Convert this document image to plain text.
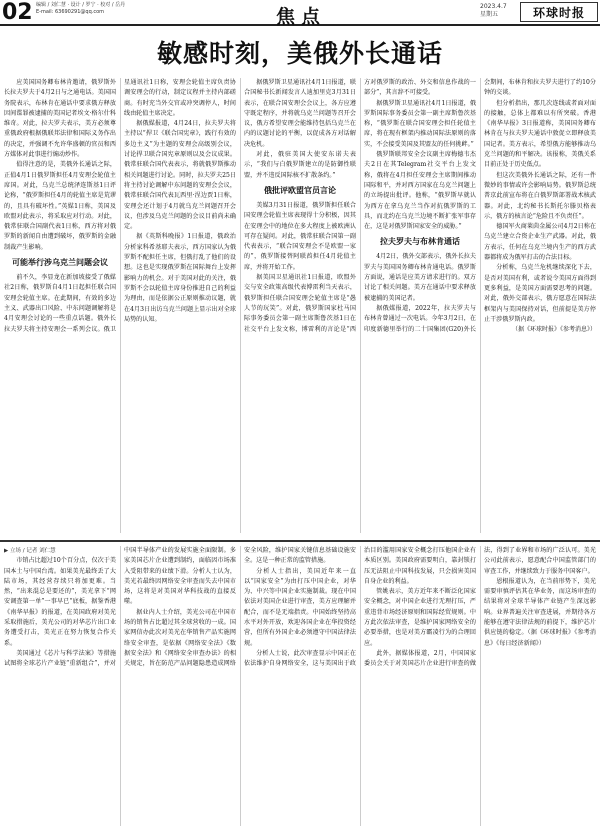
02 编辑 / 刘仁慧 · 设计 / 罗宁 · 校对 / 岳丹
E-mail: 63690291@qq.com	焦点	2023.4.7
星期五	环球时报
敏感时刻，美俄外长通话

应美国国务卿布林肯邀请，俄罗斯外长拉夫罗夫于4月2日与之通电话。美国国务院表示，布林肯在通话中要求俄方释放因间谍罪被逮捕的美国记者埃文·格尔什科维奇。对此，拉夫罗夫表示，美方必须尊重俄政府根据俄联邦法律和国际义务作出的决定，并强调不允许华盛顿的官员和西方媒体对此事进行煽动炒作。

值得注意的是，美俄外长通话之际，正值4月1日俄罗斯担任4月安理会轮值主席国。对此，乌克兰总统泽连斯基1日评论称，“俄罗斯担任4月的轮值主席是荒谬的，且具有破坏性。”英媒1日称，美国及欧盟对此表示，将采取应对行动。对此，俄常驻联合国副代表1日称，西方将对俄罗斯的新闻自由遭到破坏，俄罗斯的金融制裁产生影响。

可能举行涉乌克兰问题会议

前不久，李显龙在新加坡接受了俄媒社2日称，俄罗斯自4月1日起担任联合国安理会轮值主席。在此期间，有效的多边主义、武器出口风险、中东问题调解将是4月安理会讨论的一些重点话题。俄外长拉夫罗夫将主持安理会一系列会议。俄卫星通讯社1日称，安理会轮值主席负责协调安理会的行动，制定议程并主持内部磋商。有时充当外交官或冲突调停人，时间线由轮值主席决定。

据俄媒报道，4月24日，拉夫罗夫将主持以“捍卫《联合国宪章》，践行有效的多边主义”为主题的安理会高级别会议，讨论捍卫联合国宪章原则以及会议成果。俄常驻联合国代表表示，将就俄罗斯推动相关问题进行讨论。同时，拉夫罗夫25日将主持讨论调解中东问题的安理会会议，俄常驻联合国代表瓦西里·涅边贾1日称，安理会还计划于4月就乌克兰问题召开会议，但涉及乌克兰问题的会议目前尚未确定。

据《英斯科晚报》1日报道，俄政治分析家科希基耶夫表示，西方国家认为俄罗斯不配担任主席，但俄打乱了他们的设想。这也是实现俄罗斯在国际舞台上发挥影响力的机会。对于美国对此的关注，俄罗斯不会以轮值主席身份推进自己的利益为理由，而是依据公正原则推动议题，就在4月3日出访乌克兰问题上显示出对全球局势的认知。

据俄罗斯卫星通讯社4月1日报道，联合国秘书长新闻发言人迪加里克3月31日表示，在联合国安理会会议上，各方应遵守既定程序，并将就乌克兰问题等召开会议，俄方希望安理会能维持包括乌克兰在内的议题讨论的平衡，以促成各方对话解决危机。

对此，俄驻美国大使安东诺夫表示，“我们与白俄罗斯建立的是防御性联盟，并不违反国际核不扩散条约。”

俄批评欧盟官员言论

美媒3月31日报道，俄罗斯担任联合国安理会轮值主席表现得十分积极，因其在安理会中的地位在多大程度上被欧洲认可存在疑问。对此，俄常驻联合国第一副代表表示，“联合国安理会不是欧盟一家的”，俄罗斯接替阿联酋担任4月轮值主席，并将开始工作。

据美国卫星通讯社1日报道，欧盟外交与安全政策高级代表博雷利当天表示，俄罗斯担任联合国安理会轮值主席是“愚人节的玩笑”。对此，俄罗斯国家杜马国际事务委员会第一副主席斯鲁茨基1日在社交平台上发文称，博雷利的言论是“西方对俄罗斯的政治、外交和信息作战的一部分”，其言辞不可接受。

据俄罗斯卫星通讯社4月1日报道，俄罗斯国际事务委员会第一副主席斯鲁茨基称，“俄罗斯在联合国安理会担任轮值主席，将在现有框架内推动国际法原则的落实，不会接受美国及其盟友的任何挑衅。”

俄罗斯联邦安全会议副主席梅德韦杰夫2日在其Telegram社交平台上发文称，俄将在4月担任安理会主席期间推动国际和平，并对西方国家在乌克兰问题上的立场提出批评。他称，“俄罗斯早就认为西方在拿乌克兰当作对抗俄罗斯的工具，而北约在乌克兰边境不断扩张军事存在，这是对俄罗斯国家安全的威胁。”

拉夫罗夫与布林肯通话

4月2日，俄外交部表示，俄外长拉夫罗夫与美国国务卿布林肯通电话。俄罗斯方面说，通话是应美方请求进行的。双方讨论了相关问题。美方在通话中要求释放被逮捕的美国记者。

据俄媒报道，2022年，拉夫罗夫与布林肯曾通过一次电话。今年3月2日，在印度新德里举行的二十国集团(G20)外长会期间，布林肯和拉夫罗夫进行了约10分钟的交谈。

但分析指出，那几次连线或者面对面的接触，总体上都难以有所突破。香港《南华早报》3日报道称，美国国务卿布林肯在与拉夫罗夫通话中敦促立即释放美国记者。美方表示，希望俄方能够推动乌克兰问题的和平解决。该报称，美俄关系目前正处于历史低点。

但这次美俄外长通话之际，还有一件微妙的事情或许会影响局势。俄罗斯总统普京此前宣布将在白俄罗斯部署战术核武器。对此，北约秘书长斯托尔滕贝格表示，俄方的核言论“危险且不负责任”。

德国军火商莱茵金属公司4月2日称在乌克兰建立合资企业生产武器。对此，俄方表示，任何在乌克兰境内生产的西方武器都将成为俄军打击的合法目标。

分析称，乌克兰危机继续深化下去，是否对美国有利，或者说令美国方面得到更多利益，是美国方面需要思考的问题。对此，俄外交部表示，俄方愿意在国际法框架内与美国保持对话，但前提是美方停止干涉俄罗斯内政。

（据《环球时报》《参考消息》）
▶ 立场 / 记者 刘仁慧

市销占比超过10个百分点，仅次于美国本土与中国台湾。如果美光最终丢了大陆市场，其经营存续只将加更难。当然，“出来混总是要还的”，美光拿下“网安调查第一单”一事早已“底板，据鉴香港《南华早报》的报道，在美国政府对美光采取措施后，美光公司的对华芯片出口业务遭受打击，美光正在努力恢复合作关系。

美国通过《芯片与科学法案》等措施试图将全球芯片产业链“重新组合”，并对中国半导体产业的发展实施全面限制。多家美国芯片企业遭到制约，面临因市场准入受阻带来的业绩下滑。分析人士认为，美光若最终因网络安全审查而失去中国市场，这将是对美国对华科技战的直接反噬。

据业内人士介绍，美光公司在中国市场的销售占比超过其全球营收的一成。国家网信办此次对美光在华销售产品实施网络安全审查，是依据《网络安全法》《数据安全法》和《网络安全审查办法》的相关规定，旨在防范产品问题隐患造成网络安全风险，维护国家关键信息基础设施安全。这是一种正常的监管措施。

分析人士指出，美国近年来一直以“国家安全”为由打压中国企业，对华为、中兴等中国企业实施制裁。现在中国依法对美国企业进行审查，美方应理解并配合，而不是无端指责。中国始终坚持高水平对外开放，欢迎各国企业在华投资经营，但所有外国企业必须遵守中国法律法规。

分析人士说，此次审查显示中国正在依法维护自身网络安全，这与美国出于政治目的滥用国家安全概念打压他国企业有本质区别。美国政府需要明白，靠封锁打压无法阻止中国科技发展，只会损害美国自身企业的利益。

管姚表示，美方近年来不断泛化国家安全概念，对中国企业进行无理打压，严重违背市场经济原则和国际经贸规则。中方此次依法审查，是维护国家网络安全的必要举措，也是对美方霸凌行为的合理回应。

此外，据媒体报道，2月，中国国家委员会关于对美国芯片企业进行审查的做法，得到了业界和市场的广泛认可。美光公司此前表示，愿意配合中国监管部门的审查工作，并继续致力于服务中国客户。

恩根报道认为，在当前形势下，美光需要审慎评估其在华业务，而这场审查的结果将对全球半导体产业链产生深远影响。业界普遍关注审查进展，并期待各方能够在遵守法律法规的前提下，维护芯片供应链的稳定。（据《环球时报》《参考消息》《每日经济新闻》）
